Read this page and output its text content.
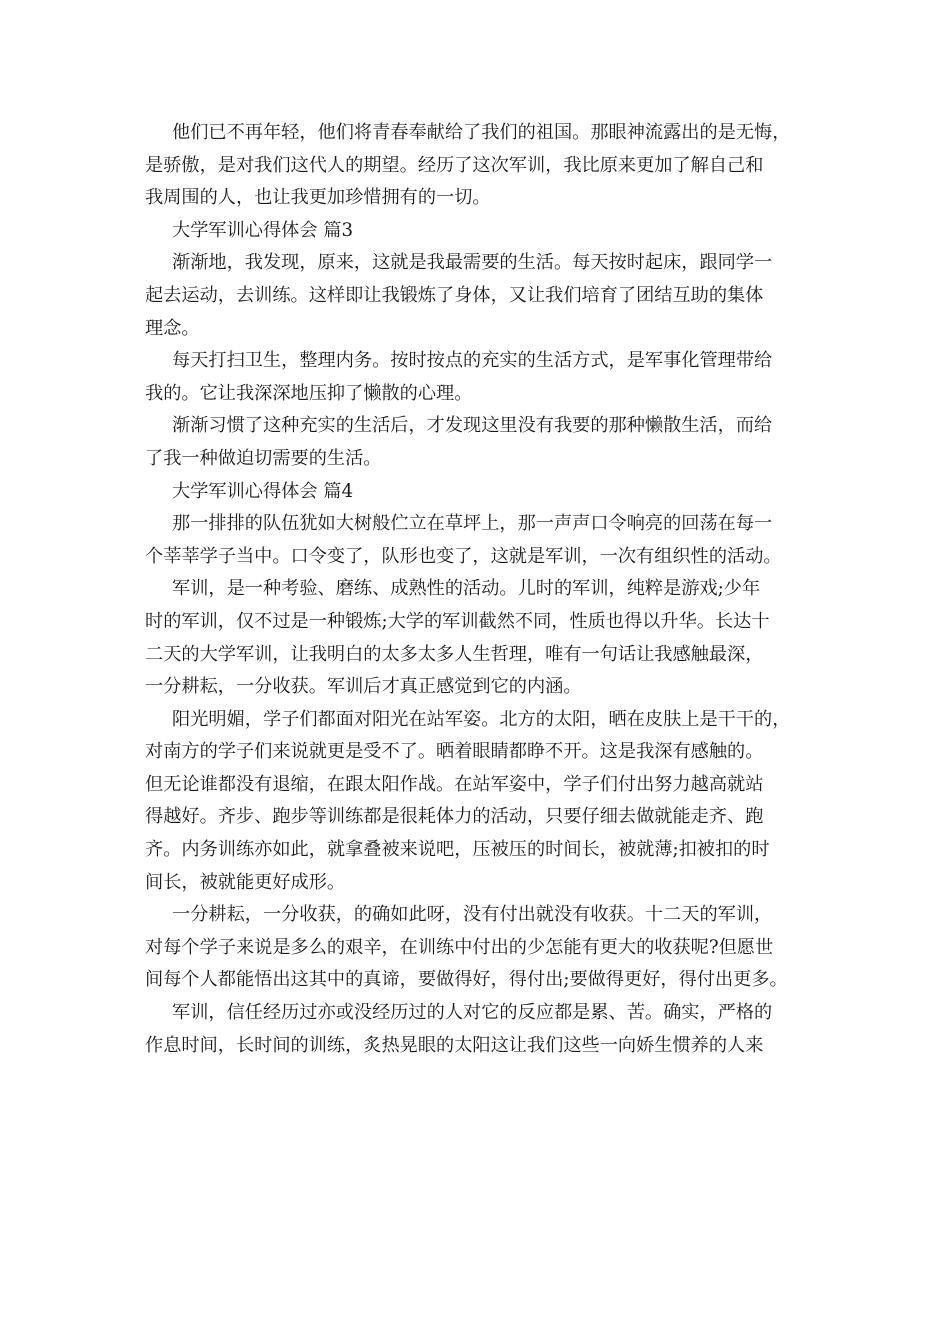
他们已不再年轻，他们将青春奉献给了我们的祖国。那眼神流露出的是无悔，
是骄傲，是对我们这代人的期望。经历了这次军训，我比原来更加了解自己和
我周围的人，也让我更加珍惜拥有的一切。
大学军训心得体会 篇3
渐渐地，我发现，原来，这就是我最需要的生活。每天按时起床，跟同学一
起去运动，去训练。这样即让我锻炼了身体，又让我们培育了团结互助的集体
理念。
每天打扫卫生，整理内务。按时按点的充实的生活方式，是军事化管理带给
我的。它让我深深地压抑了懒散的心理。
渐渐习惯了这种充实的生活后，才发现这里没有我要的那种懒散生活，而给
了我一种做迫切需要的生活。
大学军训心得体会 篇4
那一排排的队伍犹如大树般伫立在草坪上，那一声声口令响亮的回荡在每一
个莘莘学子当中。口令变了，队形也变了，这就是军训，一次有组织性的活动。
军训，是一种考验、磨练、成熟性的活动。儿时的军训，纯粹是游戏;少年
时的军训，仅不过是一种锻炼;大学的军训截然不同，性质也得以升华。长达十
二天的大学军训，让我明白的太多太多人生哲理，唯有一句话让我感触最深，
一分耕耘，一分收获。军训后才真正感觉到它的内涵。
阳光明媚，学子们都面对阳光在站军姿。北方的太阳，晒在皮肤上是干干的，
对南方的学子们来说就更是受不了。晒着眼睛都睁不开。这是我深有感触的。
但无论谁都没有退缩，在跟太阳作战。在站军姿中，学子们付出努力越高就站
得越好。齐步、跑步等训练都是很耗体力的活动，只要仔细去做就能走齐、跑
齐。内务训练亦如此，就拿叠被来说吧，压被压的时间长，被就薄;扣被扣的时
间长，被就能更好成形。
一分耕耘，一分收获，的确如此呀，没有付出就没有收获。十二天的军训，
对每个学子来说是多么的艰辛，在训练中付出的少怎能有更大的收获呢?但愿世
间每个人都能悟出这其中的真谛，要做得好，得付出;要做得更好，得付出更多。
军训，信任经历过亦或没经历过的人对它的反应都是累、苦。确实，严格的
作息时间，长时间的训练，炙热晃眼的太阳这让我们这些一向娇生惯养的人来
